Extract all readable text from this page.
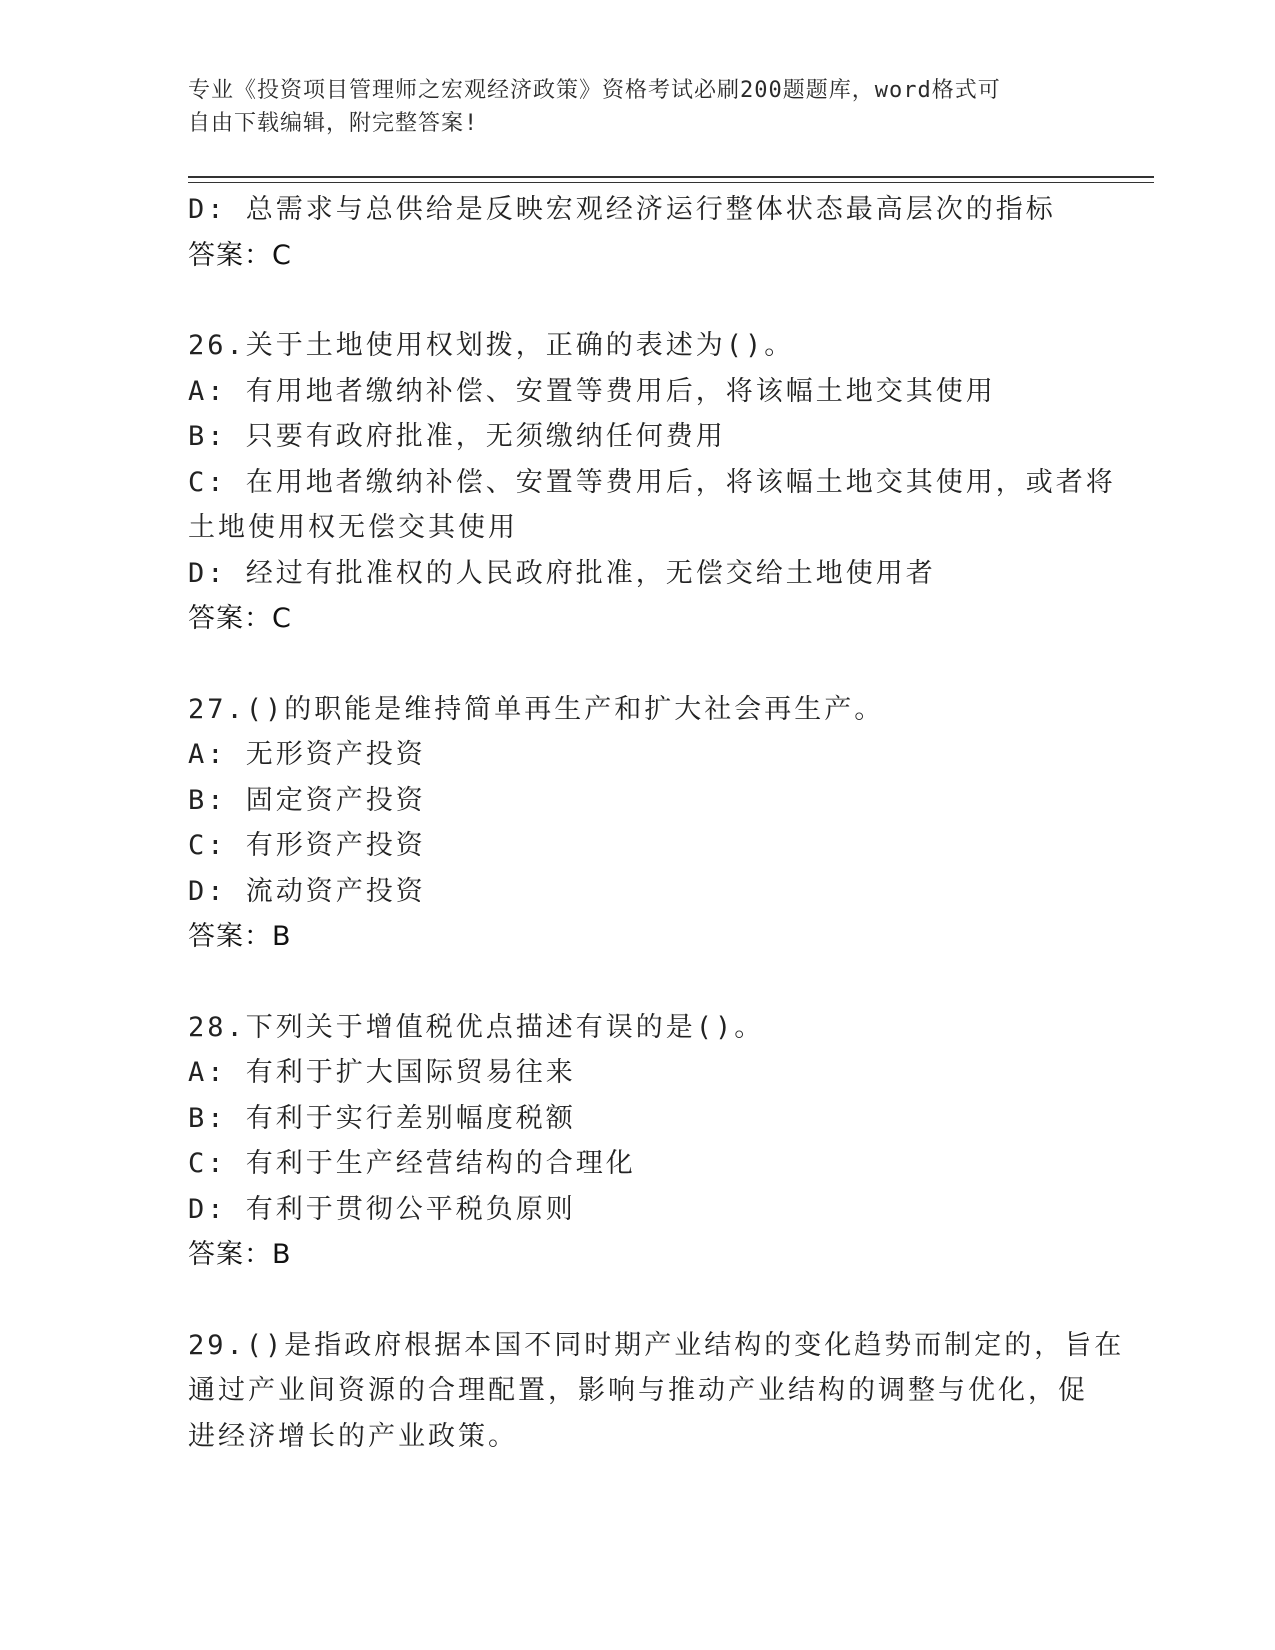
专业《投资项目管理师之宏观经济政策》资格考试必刷200题题库，word格式可
自由下载编辑，附完整答案!
D: 总需求与总供给是反映宏观经济运行整体状态最高层次的指标
答案：C
26.关于土地使用权划拨，正确的表述为()。
A: 有用地者缴纳补偿、安置等费用后，将该幅土地交其使用
B: 只要有政府批准，无须缴纳任何费用
C: 在用地者缴纳补偿、安置等费用后，将该幅土地交其使用，或者将
土地使用权无偿交其使用
D: 经过有批准权的人民政府批准，无偿交给土地使用者
答案：C
27.()的职能是维持简单再生产和扩大社会再生产。
A: 无形资产投资
B: 固定资产投资
C: 有形资产投资
D: 流动资产投资
答案：B
28.下列关于增值税优点描述有误的是()。
A: 有利于扩大国际贸易往来
B: 有利于实行差别幅度税额
C: 有利于生产经营结构的合理化
D: 有利于贯彻公平税负原则
答案：B
29.()是指政府根据本国不同时期产业结构的变化趋势而制定的，旨在
通过产业间资源的合理配置，影响与推动产业结构的调整与优化，促
进经济增长的产业政策。
